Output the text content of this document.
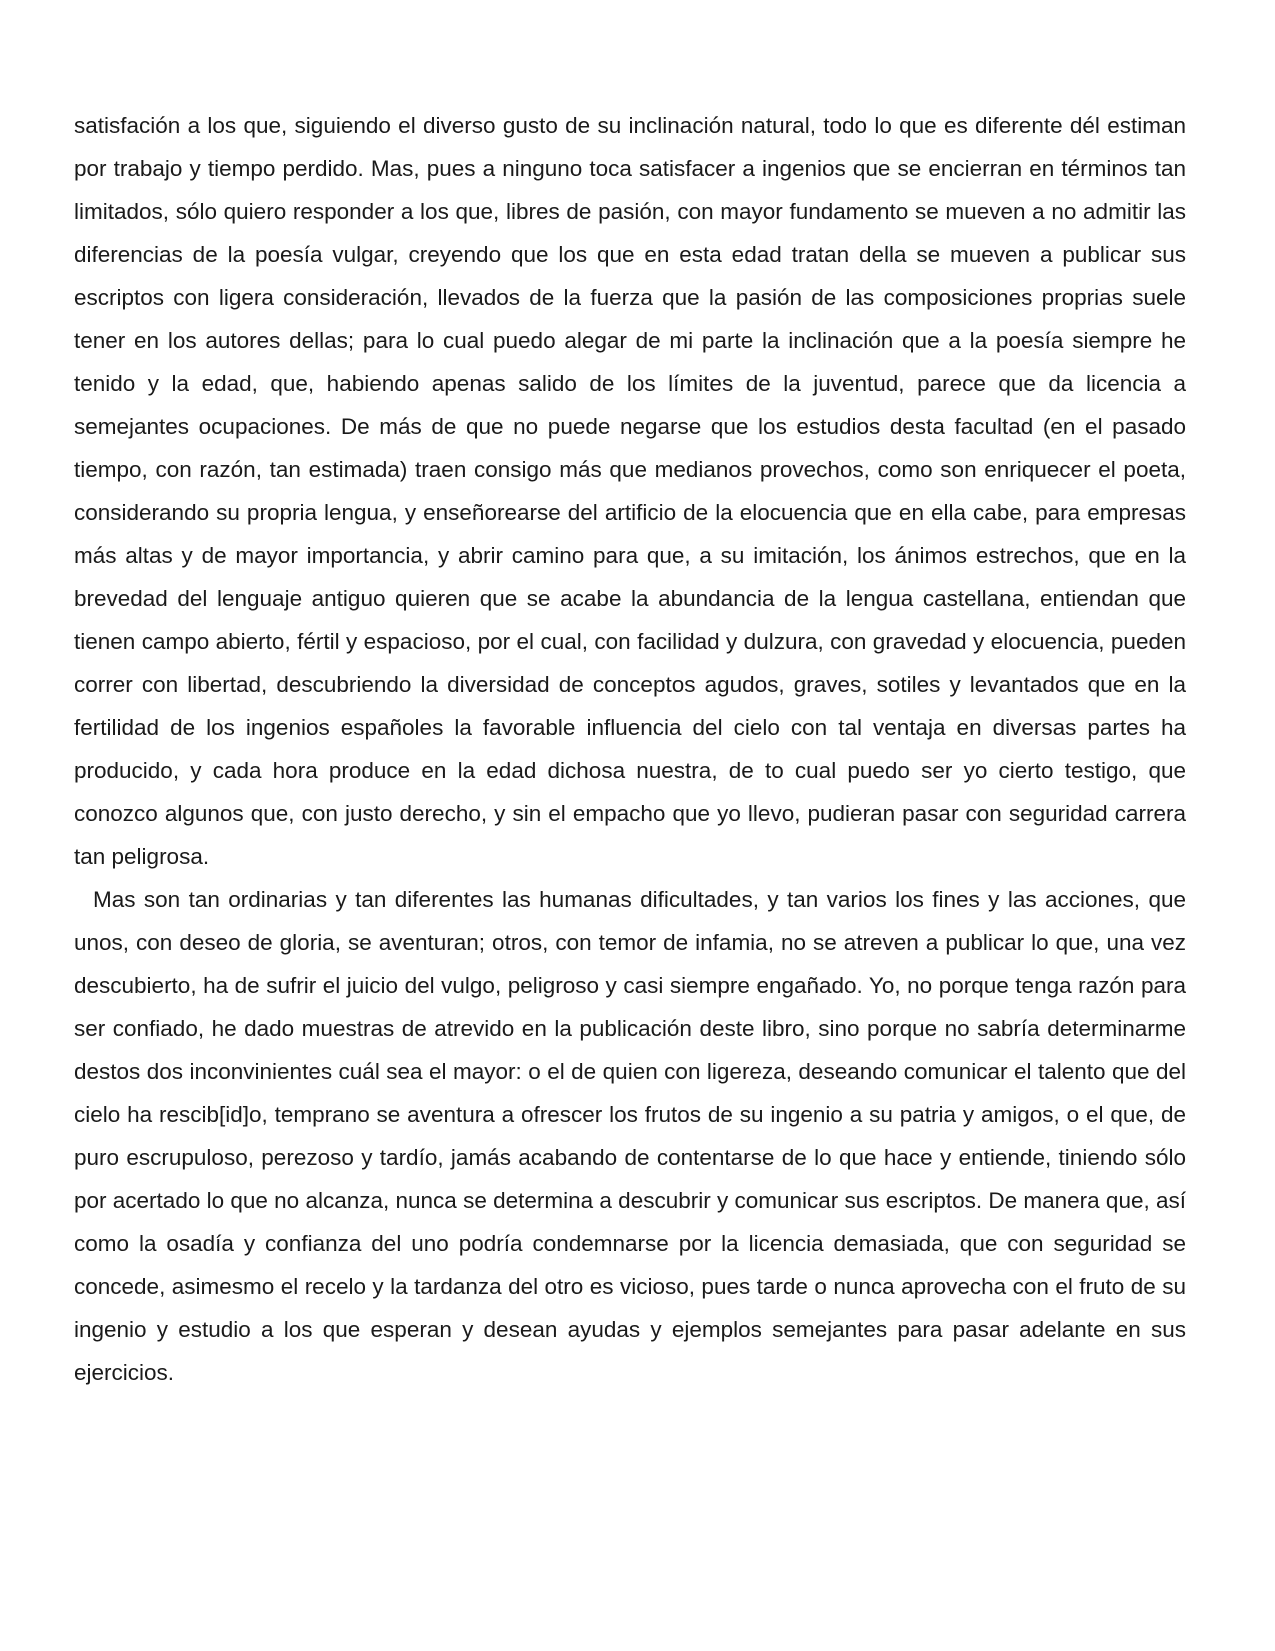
satisfación a los que, siguiendo el diverso gusto de su inclinación natural, todo lo que es diferente dél estiman por trabajo y tiempo perdido. Mas, pues a ninguno toca satisfacer a ingenios que se encierran en términos tan limitados, sólo quiero responder a los que, libres de pasión, con mayor fundamento se mueven a no admitir las diferencias de la poesía vulgar, creyendo que los que en esta edad tratan della se mueven a publicar sus escriptos con ligera consideración, llevados de la fuerza que la pasión de las composiciones proprias suele tener en los autores dellas; para lo cual puedo alegar de mi parte la inclinación que a la poesía siempre he tenido y la edad, que, habiendo apenas salido de los límites de la juventud, parece que da licencia a semejantes ocupaciones. De más de que no puede negarse que los estudios desta facultad (en el pasado tiempo, con razón, tan estimada) traen consigo más que medianos provechos, como son enriquecer el poeta, considerando su propria lengua, y enseñorearse del artificio de la elocuencia que en ella cabe, para empresas más altas y de mayor importancia, y abrir camino para que, a su imitación, los ánimos estrechos, que en la brevedad del lenguaje antiguo quieren que se acabe la abundancia de la lengua castellana, entiendan que tienen campo abierto, fértil y espacioso, por el cual, con facilidad y dulzura, con gravedad y elocuencia, pueden correr con libertad, descubriendo la diversidad de conceptos agudos, graves, sotiles y levantados que en la fertilidad de los ingenios españoles la favorable influencia del cielo con tal ventaja en diversas partes ha producido, y cada hora produce en la edad dichosa nuestra, de to cual puedo ser yo cierto testigo, que conozco algunos que, con justo derecho, y sin el empacho que yo llevo, pudieran pasar con seguridad carrera tan peligrosa.

Mas son tan ordinarias y tan diferentes las humanas dificultades, y tan varios los fines y las acciones, que unos, con deseo de gloria, se aventuran; otros, con temor de infamia, no se atreven a publicar lo que, una vez descubierto, ha de sufrir el juicio del vulgo, peligroso y casi siempre engañado. Yo, no porque tenga razón para ser confiado, he dado muestras de atrevido en la publicación deste libro, sino porque no sabría determinarme destos dos inconvinientes cuál sea el mayor: o el de quien con ligereza, deseando comunicar el talento que del cielo ha rescib[id]o, temprano se aventura a ofrescer los frutos de su ingenio a su patria y amigos, o el que, de puro escrupuloso, perezoso y tardío, jamás acabando de contentarse de lo que hace y entiende, tiniendo sólo por acertado lo que no alcanza, nunca se determina a descubrir y comunicar sus escriptos. De manera que, así como la osadía y confianza del uno podría condemnarse por la licencia demasiada, que con seguridad se concede, asimesmo el recelo y la tardanza del otro es vicioso, pues tarde o nunca aprovecha con el fruto de su ingenio y estudio a los que esperan y desean ayudas y ejemplos semejantes para pasar adelante en sus ejercicios.
